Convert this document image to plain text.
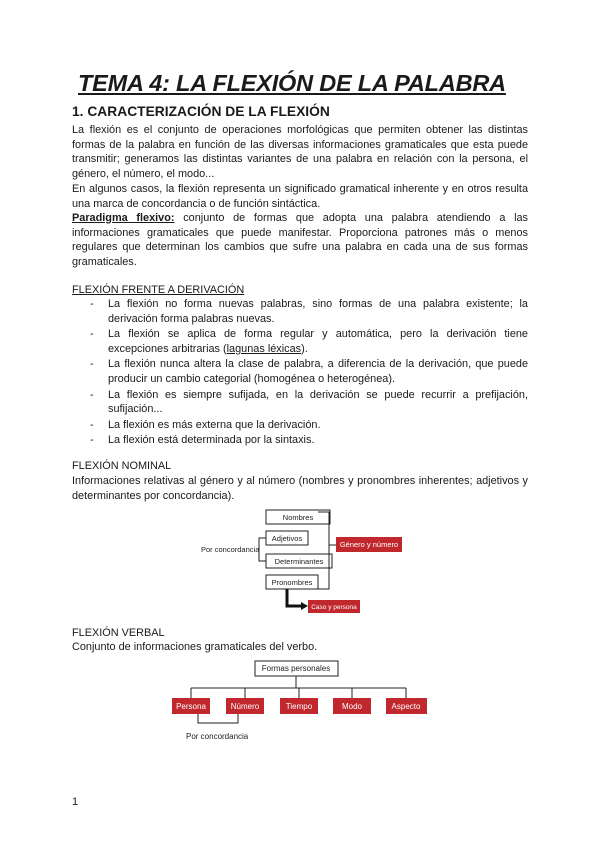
TEMA 4: LA FLEXIÓN DE LA PALABRA
1. CARACTERIZACIÓN DE LA FLEXIÓN
La flexión es el conjunto de operaciones morfológicas que permiten obtener las distintas formas de la palabra en función de las diversas informaciones gramaticales que esta puede transmitir; generamos las distintas variantes de una palabra en relación con la persona, el género, el número, el modo...
En algunos casos, la flexión representa un significado gramatical inherente y en otros resulta una marca de concordancia o de función sintáctica.
Paradigma flexivo: conjunto de formas que adopta una palabra atendiendo a las informaciones gramaticales que puede manifestar. Proporciona patrones más o menos regulares que determinan los cambios que sufre una palabra en cada una de sus formas gramaticales.
FLEXIÓN FRENTE A DERIVACIÓN
- La flexión no forma nuevas palabras, sino formas de una palabra existente; la derivación forma palabras nuevas.
- La flexión se aplica de forma regular y automática, pero la derivación tiene excepciones arbitrarias (lagunas léxicas).
- La flexión nunca altera la clase de palabra, a diferencia de la derivación, que puede producir un cambio categorial (homogénea o heterogénea).
- La flexión es siempre sufijada, en la derivación se puede recurrir a prefijación, sufijación...
- La flexión es más externa que la derivación.
- La flexión está determinada por la sintaxis.
FLEXIÓN NOMINAL
Informaciones relativas al género y al número (nombres y pronombres inherentes; adjetivos y determinantes por concordancia).
Nombres
Adjetivos
Determinantes
Pronombres
Por concordancia
Género y número
Caso y persona
Formas personales
Persona	Número	Tiempo	Modo	Aspecto
Por concordancia
FLEXIÓN VERBAL
Conjunto de informaciones gramaticales del verbo.
1
